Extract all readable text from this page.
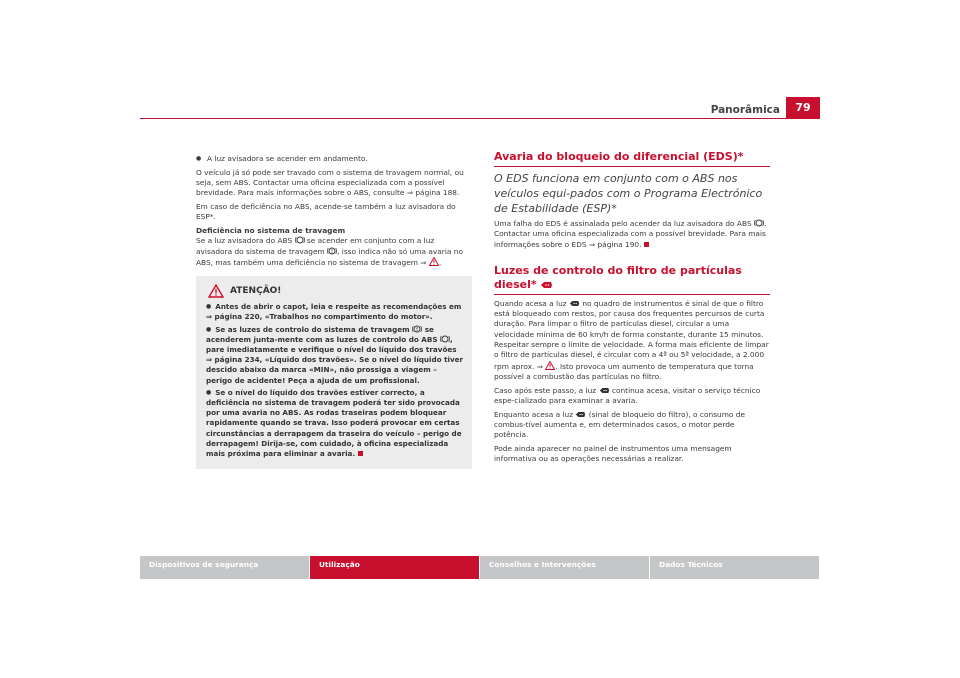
Panorâmica	79

● A luz avisadora se acender em andamento.

O veículo já só pode ser travado com o sistema de travagem normal, ou seja, sem ABS. Contactar uma oficina especializada com a possível brevidade. Para mais informações sobre o ABS, consulte ⇒ página 188.

Em caso de deficiência no ABS, acende-se também a luz avisadora do ESP*.

Deficiência no sistema de travagem

Se a luz avisadora do ABS se acender em conjunto com a luz avisadora do sistema de travagem , isso indica não só uma avaria no ABS, mas também uma deficiência no sistema de travagem ⇒ .

ATENÇÃO!
● Antes de abrir o capot, leia e respeite as recomendações em ⇒ página 220, «Trabalhos no compartimento do motor».
● Se as luzes de controlo do sistema de travagem se acenderem junta-mente com as luzes de controlo do ABS , pare imediatamente e verifique o nível do líquido dos travões ⇒ página 234, «Líquido dos travões». Se o nível do líquido tiver descido abaixo da marca «MIN», não prossiga a viagem – perigo de acidente! Peça a ajuda de um profissional.
● Se o nível do líquido dos travões estiver correcto, a deficiência no sistema de travagem poderá ter sido provocada por uma avaria no ABS. As rodas traseiras podem bloquear rapidamente quando se trava. Isso poderá provocar em certas circunstâncias a derrapagem da traseira do veículo – perigo de derrapagem! Dirija-se, com cuidado, à oficina especializada mais próxima para eliminar a avaria.
Avaria do bloqueio do diferencial (EDS)*
O EDS funciona em conjunto com o ABS nos veículos equi-pados com o Programa Electrónico de Estabilidade (ESP)*

Uma falha do EDS é assinalada pelo acender da luz avisadora do ABS . Contactar uma oficina especializada com a possível brevidade. Para mais informações sobre o EDS ⇒ página 190.

Luzes de controlo do filtro de partículas diesel*

Quando acesa a luz no quadro de instrumentos é sinal de que o filtro está bloqueado com restos, por causa dos frequentes percursos de curta duração. Para limpar o filtro de partículas diesel, circular a uma velocidade mínima de 60 km/h de forma constante, durante 15 minutos. Respeitar sempre o limite de velocidade. A forma mais eficiente de limpar o filtro de partículas diesel, é circular com a 4ª ou 5ª velocidade, a 2.000 rpm aprox. ⇒ . Isto provoca um aumento de temperatura que torna possível a combustão das partículas no filtro.

Caso após este passo, a luz continua acesa, visitar o serviço técnico espe-cializado para examinar a avaria.

Enquanto acesa a luz (sinal de bloqueio do filtro), o consumo de combus-tível aumenta e, em determinados casos, o motor perde potência.

Pode ainda aparecer no painel de instrumentos uma mensagem informativa ou as operações necessárias a realizar.

Dispositivos de segurança	Utilização	Conselhos e Intervenções	Dados Técnicos
